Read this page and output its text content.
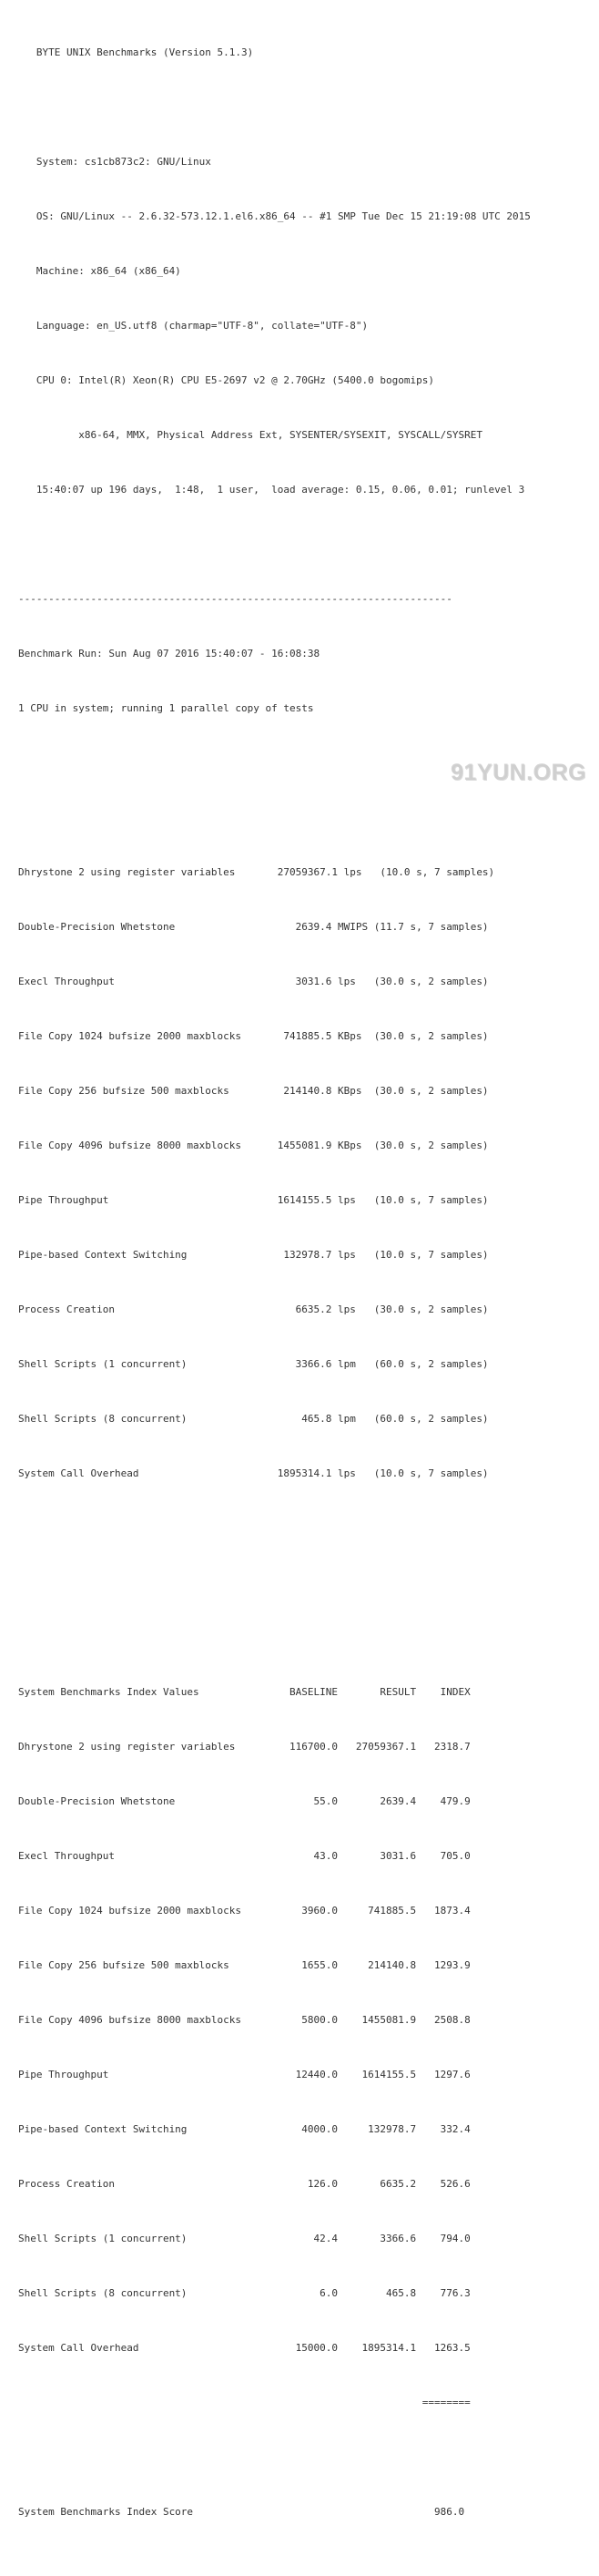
BYTE UNIX Benchmarks (Version 5.1.3)

System: cs1cb873c2: GNU/Linux

OS: GNU/Linux -- 2.6.32-573.12.1.el6.x86_64 -- #1 SMP Tue Dec 15 21:19:08 UTC 2015

Machine: x86_64 (x86_64)

Language: en_US.utf8 (charmap="UTF-8", collate="UTF-8")

CPU 0: Intel(R) Xeon(R) CPU E5-2697 v2 @ 2.70GHz (5400.0 bogomips)

x86-64, MMX, Physical Address Ext, SYSENTER/SYSEXIT, SYSCALL/SYSRET

15:40:07 up 196 days,  1:48,  1 user,  load average: 0.15, 0.06, 0.01; runlevel 3

------------------------------------------------------------------------

Benchmark Run: Sun Aug 07 2016 15:40:07 - 16:08:38

1 CPU in system; running 1 parallel copy of tests

Dhrystone 2 using register variables       27059367.1 lps   (10.0 s, 7 samples)

Double-Precision Whetstone                    2639.4 MWIPS (11.7 s, 7 samples)

Execl Throughput                              3031.6 lps   (30.0 s, 2 samples)

File Copy 1024 bufsize 2000 maxblocks       741885.5 KBps  (30.0 s, 2 samples)

File Copy 256 bufsize 500 maxblocks         214140.8 KBps  (30.0 s, 2 samples)

File Copy 4096 bufsize 8000 maxblocks      1455081.9 KBps  (30.0 s, 2 samples)

Pipe Throughput                            1614155.5 lps   (10.0 s, 7 samples)

Pipe-based Context Switching                132978.7 lps   (10.0 s, 7 samples)

Process Creation                              6635.2 lps   (30.0 s, 2 samples)

Shell Scripts (1 concurrent)                  3366.6 lpm   (60.0 s, 2 samples)

Shell Scripts (8 concurrent)                   465.8 lpm   (60.0 s, 2 samples)

System Call Overhead                       1895314.1 lps   (10.0 s, 7 samples)

System Benchmarks Index Values               BASELINE       RESULT    INDEX

Dhrystone 2 using register variables         116700.0   27059367.1   2318.7

Double-Precision Whetstone                       55.0       2639.4    479.9

Execl Throughput                                 43.0       3031.6    705.0

File Copy 1024 bufsize 2000 maxblocks          3960.0     741885.5   1873.4

File Copy 256 bufsize 500 maxblocks            1655.0     214140.8   1293.9

File Copy 4096 bufsize 8000 maxblocks          5800.0    1455081.9   2508.8

Pipe Throughput                               12440.0    1614155.5   1297.6

Pipe-based Context Switching                   4000.0     132978.7    332.4

Process Creation                                126.0       6635.2    526.6

Shell Scripts (1 concurrent)                     42.4       3366.6    794.0

Shell Scripts (8 concurrent)                      6.0        465.8    776.3

System Call Overhead                          15000.0    1895314.1   1263.5

========

System Benchmarks Index Score                                        986.0

91YUN.ORG
